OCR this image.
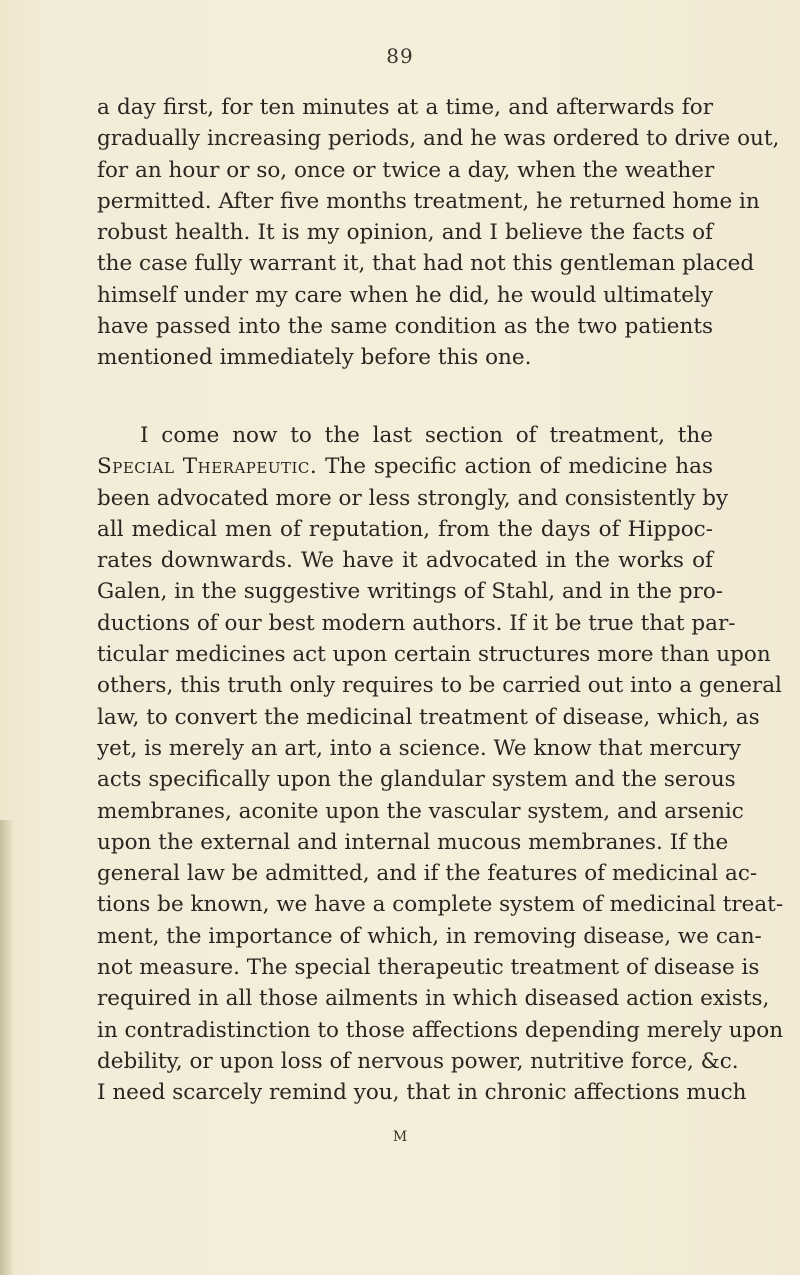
89
a day first, for ten minutes at a time, and afterwards for
gradually increasing periods, and he was ordered to drive out,
for an hour or so, once or twice a day, when the weather
permitted. After five months treatment, he returned home in
robust health. It is my opinion, and I believe the facts of
the case fully warrant it, that had not this gentleman placed
himself under my care when he did, he would ultimately
have passed into the same condition as the two patients
mentioned immediately before this one.
I come now to the last section of treatment, the
Special Therapeutic. The specific action of medicine has
been advocated more or less strongly, and consistently by
all medical men of reputation, from the days of Hippoc-
rates downwards. We have it advocated in the works of
Galen, in the suggestive writings of Stahl, and in the pro-
ductions of our best modern authors. If it be true that par-
ticular medicines act upon certain structures more than upon
others, this truth only requires to be carried out into a general
law, to convert the medicinal treatment of disease, which, as
yet, is merely an art, into a science. We know that mercury
acts specifically upon the glandular system and the serous
membranes, aconite upon the vascular system, and arsenic
upon the external and internal mucous membranes. If the
general law be admitted, and if the features of medicinal ac-
tions be known, we have a complete system of medicinal treat-
ment, the importance of which, in removing disease, we can-
not measure. The special therapeutic treatment of disease is
required in all those ailments in which diseased action exists,
in contradistinction to those affections depending merely upon
debility, or upon loss of nervous power, nutritive force, &c.
I need scarcely remind you, that in chronic affections much
M
